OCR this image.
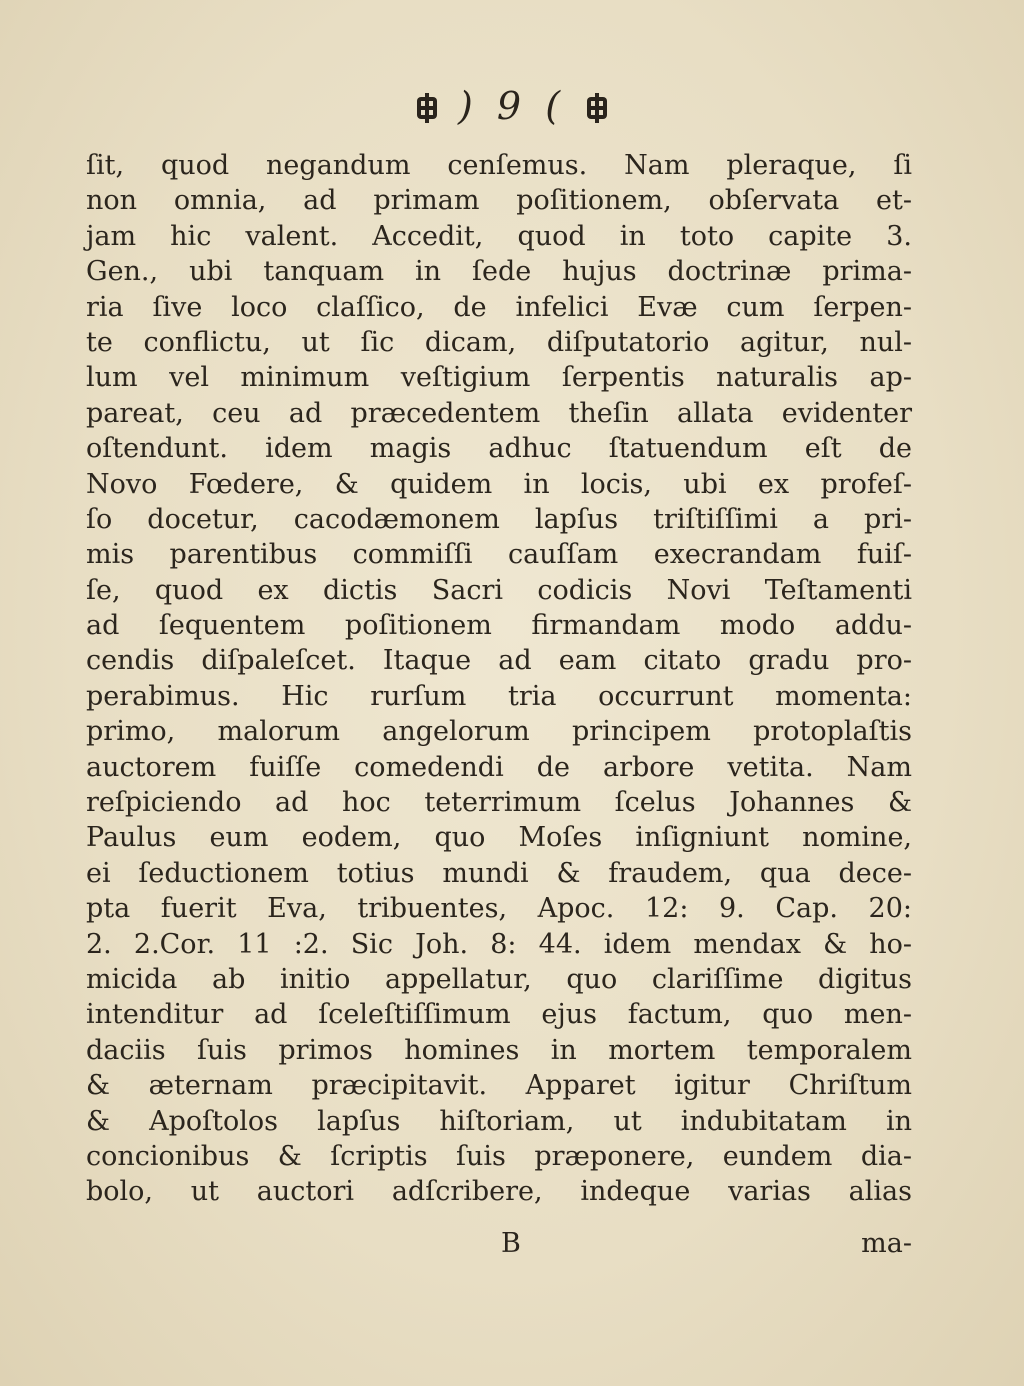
) 9 (
ſit, quod negandum cenſemus. Nam pleraque, ſi
non omnia, ad primam poſitionem, obſervata et-
jam hic valent. Accedit, quod in toto capite 3.
Gen., ubi tanquam in ſede hujus doctrinæ prima-
ria ſive loco claſſico, de infelici Evæ cum ſerpen-
te conflictu, ut ſic dicam, diſputatorio agitur, nul-
lum vel minimum veſtigium ſerpentis naturalis ap-
pareat, ceu ad præcedentem theſin allata evidenter
oſtendunt. idem magis adhuc ſtatuendum eſt de
Novo Fœdere, & quidem in locis, ubi ex profeſ-
ſo docetur, cacodæmonem lapſus triſtiſſimi a pri-
mis parentibus commiſſi cauſſam execrandam fuiſ-
ſe, quod ex dictis Sacri codicis Novi Teſtamenti
ad ſequentem poſitionem firmandam modo addu-
cendis diſpaleſcet. Itaque ad eam citato gradu pro-
perabimus. Hic rurſum tria occurrunt momenta:
primo, malorum angelorum principem protoplaſtis
auctorem fuiſſe comedendi de arbore vetita. Nam
reſpiciendo ad hoc teterrimum ſcelus Johannes &
Paulus eum eodem, quo Moſes inſigniunt nomine,
ei ſeductionem totius mundi & fraudem, qua dece-
pta fuerit Eva, tribuentes, Apoc. 12: 9. Cap. 20:
2. 2.Cor. 11 :2. Sic Joh. 8: 44. idem mendax & ho-
micida ab initio appellatur, quo clariſſime digitus
intenditur ad ſceleſtiſſimum ejus factum, quo men-
daciis ſuis primos homines in mortem temporalem
& æternam præcipitavit. Apparet igitur Chriſtum
& Apoſtolos lapſus hiſtoriam, ut indubitatam in
concionibus & ſcriptis ſuis præponere, eundem dia-
bolo, ut auctori adſcribere, indeque varias alias
B	ma-
